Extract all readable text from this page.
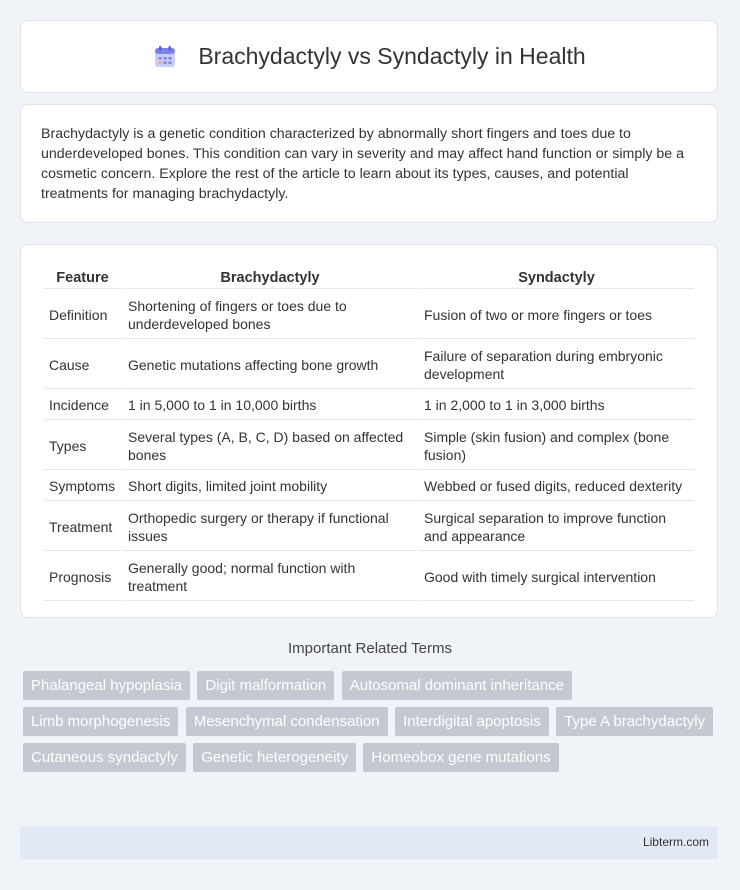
Brachydactyly vs Syndactyly in Health

Brachydactyly is a genetic condition characterized by abnormally short fingers and toes due to underdeveloped bones. This condition can vary in severity and may affect hand function or simply be a cosmetic concern. Explore the rest of the article to learn about its types, causes, and potential treatments for managing brachydactyly.

Feature	Brachydactyly	Syndactyly
Definition	Shortening of fingers or toes due to underdeveloped bones	Fusion of two or more fingers or toes
Cause	Genetic mutations affecting bone growth	Failure of separation during embryonic development
Incidence	1 in 5,000 to 1 in 10,000 births	1 in 2,000 to 1 in 3,000 births
Types	Several types (A, B, C, D) based on affected bones	Simple (skin fusion) and complex (bone fusion)
Symptoms	Short digits, limited joint mobility	Webbed or fused digits, reduced dexterity
Treatment	Orthopedic surgery or therapy if functional issues	Surgical separation to improve function and appearance
Prognosis	Generally good; normal function with treatment	Good with timely surgical intervention
Important Related Terms
Phalangeal hypoplasia Digit malformation Autosomal dominant inheritance Limb morphogenesis Mesenchymal condensation Interdigital apoptosis Type A brachydactyly Cutaneous syndactyly Genetic heterogeneity Homeobox gene mutations
Libterm.com
